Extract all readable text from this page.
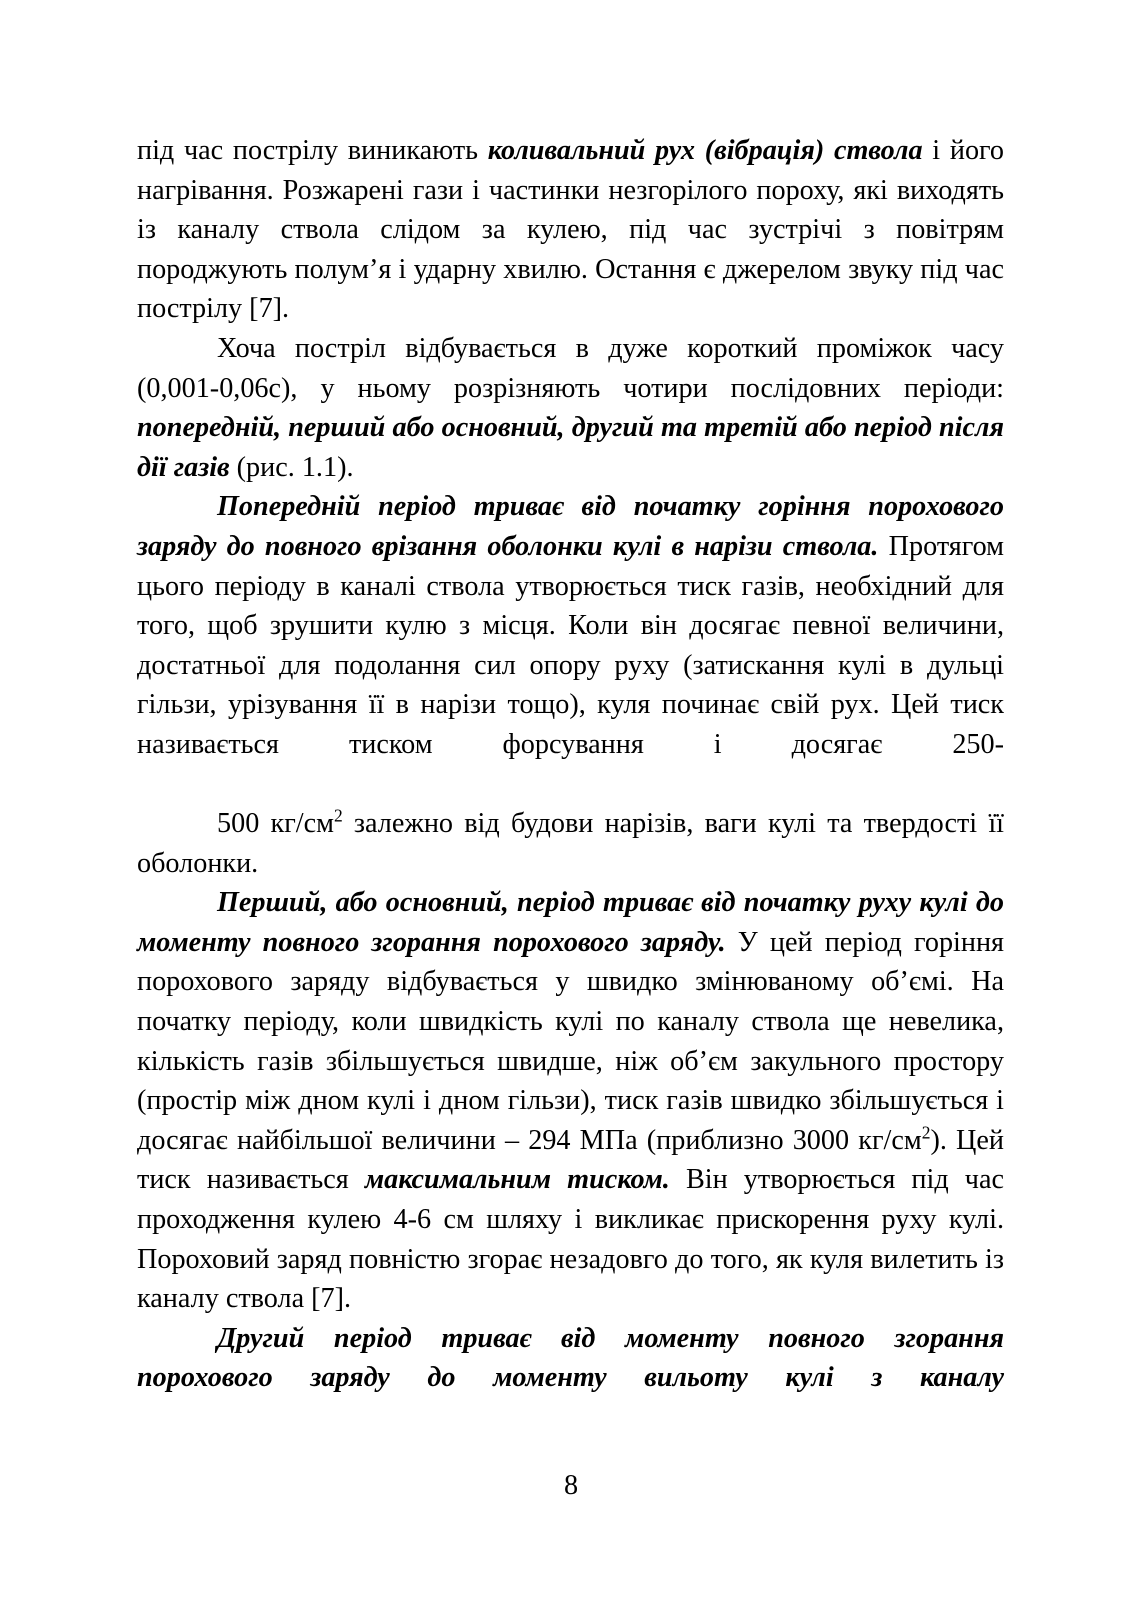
під час пострілу виникають коливальний рух (вібрація) ствола і його нагрівання. Розжарені гази і частинки незгорілого пороху, які виходять із каналу ствола слідом за кулею, під час зустрічі з повітрям породжують полум’я і ударну хвилю. Остання є джерелом звуку під час пострілу [7].

Хоча постріл відбувається в дуже короткий проміжок часу (0,001-0,06с), у ньому розрізняють чотири послідовних періоди: попередній, перший або основний, другий та третій або період після дії газів (рис. 1.1).

Попередній період триває від початку горіння порохового заряду до повного врізання оболонки кулі в нарізи ствола. Протягом цього періоду в каналі ствола утворюється тиск газів, необхідний для того, щоб зрушити кулю з місця. Коли він досягає певної величини, достатньої для подолання сил опору руху (затискання кулі в дульці гільзи, урізування її в нарізи тощо), куля починає свій рух. Цей тиск називається тиском форсування і досягає 250-

500 $кг/см^2$ залежно від будови нарізів, ваги кулі та твердості її оболонки.

Перший, або основний, період триває від початку руху кулі до моменту повного згорання порохового заряду. У цей період горіння порохового заряду відбувається у швидко змінюваному об’ємі. На початку періоду, коли швидкість кулі по каналу ствола ще невелика, кількість газів збільшується швидше, ніж об’єм закульного простору (простір між дном кулі і дном гільзи), тиск газів швидко збільшується і досягає найбільшої величини – 294 МПа (приблизно 3000 $кг/см^2$). Цей тиск називається максимальним тиском. Він утворюється під час проходження кулею 4-6 см шляху і викликає прискорення руху кулі. Пороховий заряд повністю згорає незадовго до того, як куля вилетить із каналу ствола [7].

Другий період триває від моменту повного згорання порохового заряду до моменту вильоту кулі з каналу

8
